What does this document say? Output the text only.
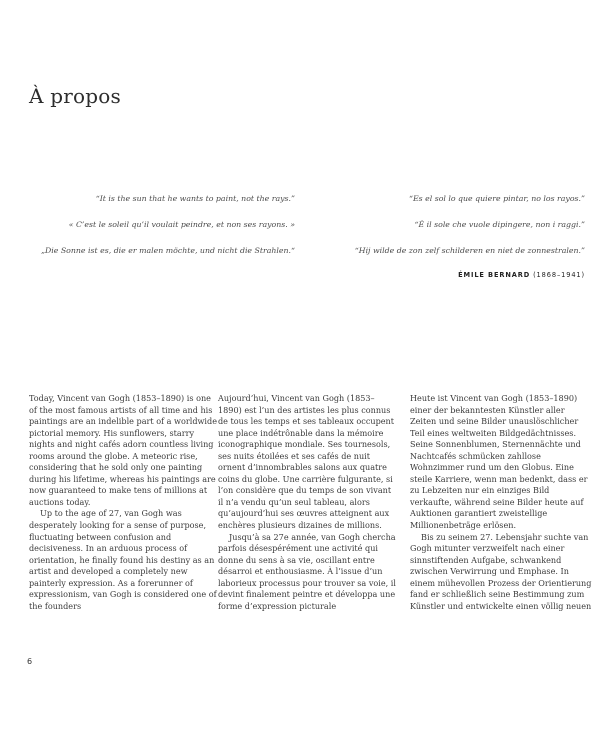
À propos
“It is the sun that he wants to paint, not the rays.”
« C’est le soleil qu’il voulait peindre, et non ses rayons. »
„Die Sonne ist es, die er malen möchte, und nicht die Strahlen.“
“Es el sol lo que quiere pintar, no los rayos.”
“È il sole che vuole dipingere, non i raggi.”
“Hij wilde de zon zelf schilderen en niet de zonnestralen.”
ÉMILE BERNARD (1868–1941)

Today, Vincent van Gogh (1853–1890) is one of the most famous artists of all time and his paintings are an indelible part of a worldwide pictorial memory. His sunflowers, starry nights and night cafés adorn countless living rooms around the globe. A meteoric rise, considering that he sold only one painting during his lifetime, whereas his paintings are now guaranteed to make tens of millions at auctions today.

Up to the age of 27, van Gogh was desperately looking for a sense of purpose, fluctuating between confusion and decisiveness. In an arduous process of orientation, he finally found his destiny as an artist and developed a completely new painterly expression. As a forerunner of expressionism, van Gogh is considered one of the founders

Aujourd’hui, Vincent van Gogh (1853–1890) est l’un des artistes les plus connus de tous les temps et ses tableaux occupent une place indétrônable dans la mémoire iconographique mondiale. Ses tournesols, ses nuits étoilées et ses cafés de nuit ornent d’innombrables salons aux quatre coins du globe. Une carrière fulgurante, si l’on considère que du temps de son vivant il n’a vendu qu’un seul tableau, alors qu’aujourd’hui ses œuvres atteignent aux enchères plusieurs dizaines de millions.

Jusqu’à sa 27e année, van Gogh chercha parfois désespérément une activité qui donne du sens à sa vie, oscillant entre désarroi et enthousiasme. À l’issue d’un laborieux processus pour trouver sa voie, il devint finalement peintre et développa une forme d’expression picturale

Heute ist Vincent van Gogh (1853–1890) einer der bekanntesten Künstler aller Zeiten und seine Bilder unauslöschlicher Teil eines weltweiten Bildgedächtnisses. Seine Sonnenblumen, Sternennächte und Nachtcafés schmücken zahllose Wohnzimmer rund um den Globus. Eine steile Karriere, wenn man bedenkt, dass er zu Lebzeiten nur ein einziges Bild verkaufte, während seine Bilder heute auf Auktionen garantiert zweistellige Millionenbeträge erlösen.

Bis zu seinem 27. Lebensjahr suchte van Gogh mitunter verzweifelt nach einer sinnstiftenden Aufgabe, schwankend zwischen Verwirrung und Emphase. In einem mühevollen Prozess der Orientierung fand er schließlich seine Bestimmung zum Künstler und entwickelte einen völlig neuen

6
